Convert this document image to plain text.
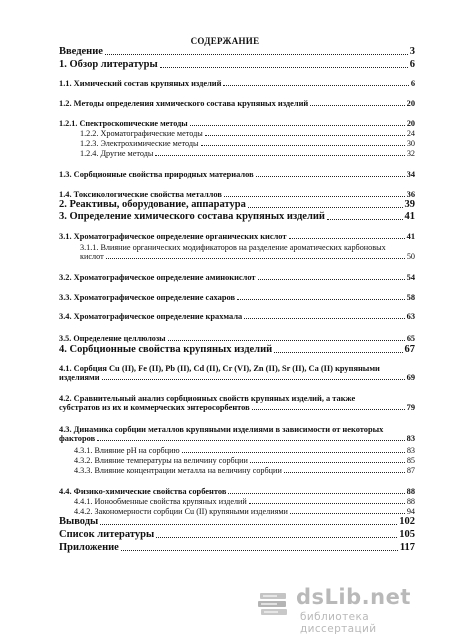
СОДЕРЖАНИЕ
Введение	3
1. Обзор литературы	6
1.1. Химический состав крупяных изделий	6
1.2. Методы определения химического состава крупяных изделий	20
1.2.1. Спектроскопические методы	20
1.2.2. Хроматографические методы	24
1.2.3. Электрохимические методы	30
1.2.4. Другие методы	32
1.3. Сорбционные свойства природных материалов	34
1.4. Токсикологические свойства металлов	36
2. Реактивы, оборудование, аппаратура	39
3. Определение химического состава крупяных изделий	41
3.1. Хроматографическое определение органических кислот	41
3.1.1. Влияние органических модификаторов на разделение ароматических карбоновых
кислот	50
3.2. Хроматографическое определение аминокислот	54
3.3. Хроматографическое определение сахаров	58
3.4. Хроматографическое определение крахмала	63
3.5. Определение целлюлозы	65
4. Сорбционные свойства крупяных изделий	67
4.1. Сорбция Cu (II), Fe (II), Pb (II), Cd (II), Cr (VI), Zn (II), Sr (II), Ca (II) крупяными
изделиями	69
4.2. Сравнительный анализ сорбционных свойств крупяных изделий, а также
субстратов из их и коммерческих энтеросорбентов	79
4.3. Динамика сорбции металлов крупяными изделиями в зависимости от некоторых
факторов	83
4.3.1. Влияние pH на сорбцию	83
4.3.2. Влияние температуры на величину сорбции	85
4.3.3. Влияние концентрации металла на величину сорбции	87
4.4. Физико-химические свойства сорбентов	88
4.4.1. Ионообменные свойства крупяных изделий	88
4.4.2. Закономерности сорбции Cu (II) крупяными изделиями	94
Выводы	102
Список литературы	105
Приложение	117
dsLib.net
библиотека диссертаций
